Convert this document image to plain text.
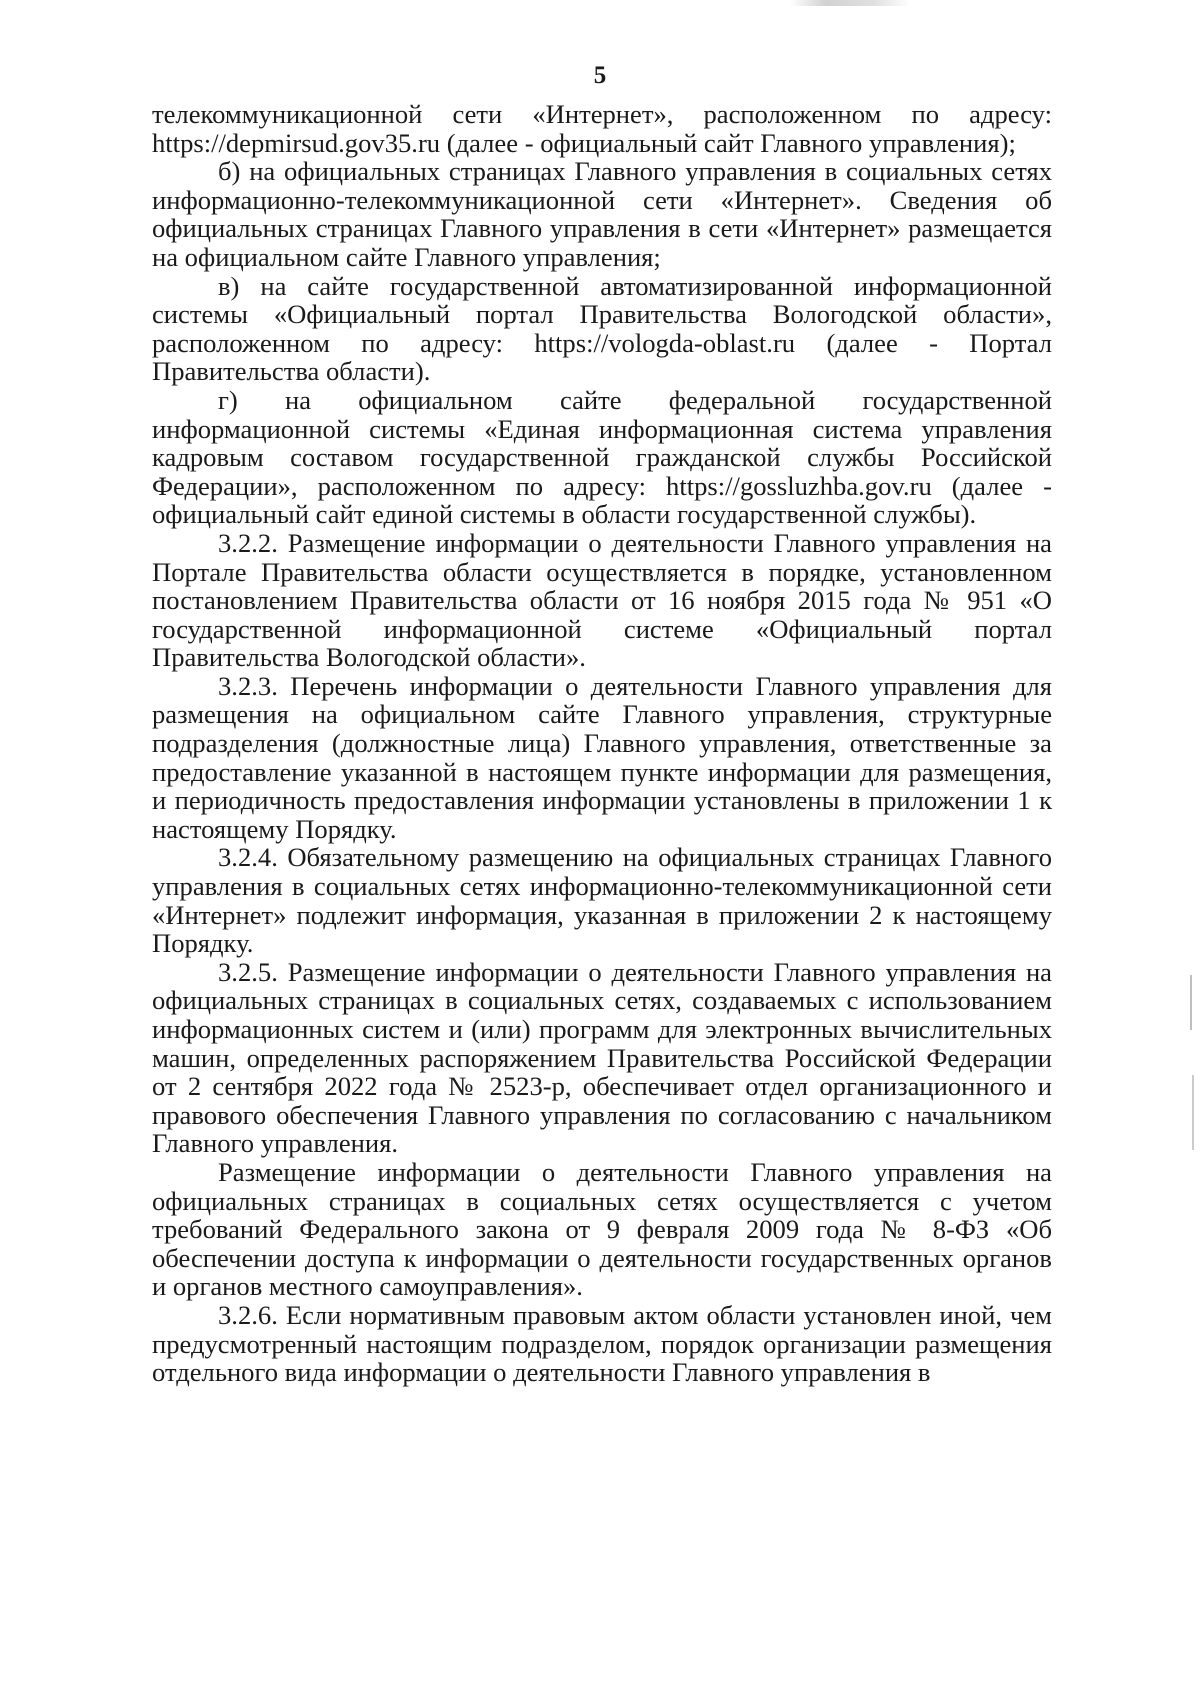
5

телекоммуникационной сети «Интернет», расположенном по адресу: https://depmirsud.gov35.ru (далее - официальный сайт Главного управления);

б) на официальных страницах Главного управления в социальных сетях информационно-телекоммуникационной сети «Интернет». Сведения об официальных страницах Главного управления в сети «Интернет» размещается на официальном сайте Главного управления;

в) на сайте государственной автоматизированной информационной системы «Официальный портал Правительства Вологодской области», расположенном по адресу: https://vologda-oblast.ru (далее - Портал Правительства области).

г) на официальном сайте федеральной государственной информационной системы «Единая информационная система управления кадровым составом государственной гражданской службы Российской Федерации», расположенном по адресу: https://gossluzhba.gov.ru (далее - официальный сайт единой системы в области государственной службы).

3.2.2. Размещение информации о деятельности Главного управления на Портале Правительства области осуществляется в порядке, установленном постановлением Правительства области от 16 ноября 2015 года № 951 «О государственной информационной системе «Официальный портал Правительства Вологодской области».

3.2.3. Перечень информации о деятельности Главного управления для размещения на официальном сайте Главного управления, структурные подразделения (должностные лица) Главного управления, ответственные за предоставление указанной в настоящем пункте информации для размещения, и периодичность предоставления информации установлены в приложении 1 к настоящему Порядку.

3.2.4. Обязательному размещению на официальных страницах Главного управления в социальных сетях информационно-телекоммуникационной сети «Интернет» подлежит информация, указанная в приложении 2 к настоящему Порядку.

3.2.5. Размещение информации о деятельности Главного управления на официальных страницах в социальных сетях, создаваемых с использованием информационных систем и (или) программ для электронных вычислительных машин, определенных распоряжением Правительства Российской Федерации от 2 сентября 2022 года № 2523-р, обеспечивает отдел организационного и правового обеспечения Главного управления по согласованию с начальником Главного управления.

Размещение информации о деятельности Главного управления на официальных страницах в социальных сетях осуществляется с учетом требований Федерального закона от 9 февраля 2009 года № 8-ФЗ «Об обеспечении доступа к информации о деятельности государственных органов и органов местного самоуправления».

3.2.6. Если нормативным правовым актом области установлен иной, чем предусмотренный настоящим подразделом, порядок организации размещения отдельного вида информации о деятельности Главного управления в
